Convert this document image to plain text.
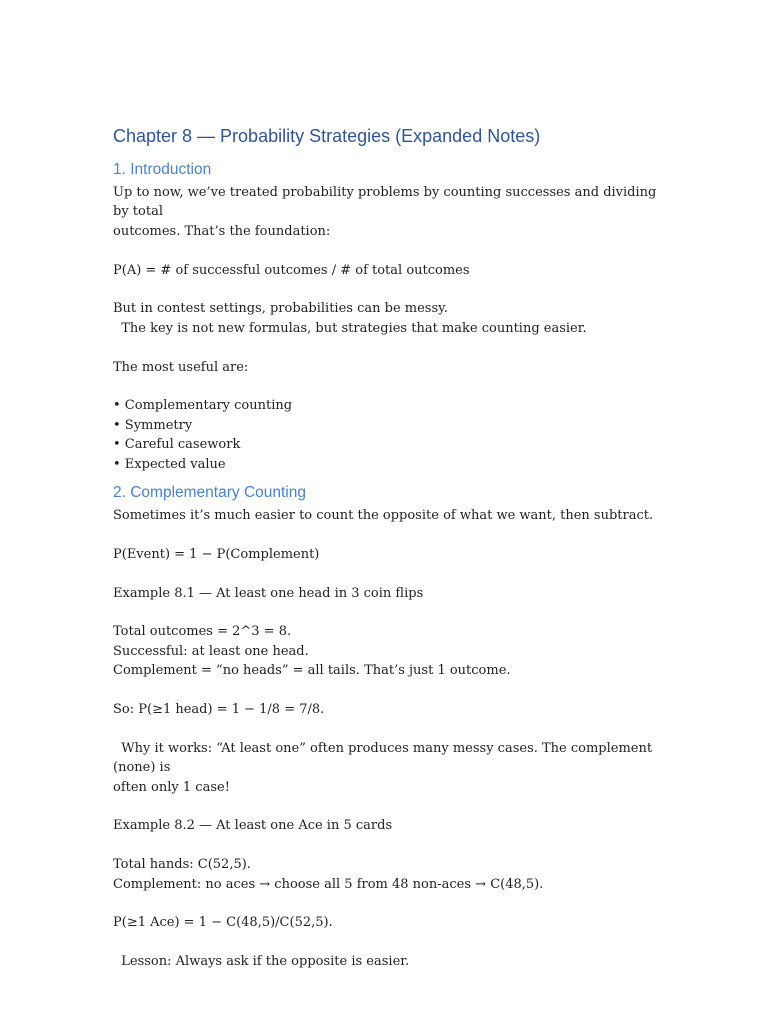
Chapter 8 — Probability Strategies (Expanded Notes)
1. Introduction
Up to now, we’ve treated probability problems by counting successes and dividing by total
outcomes. That’s the foundation:
P(A) = # of successful outcomes / # of total outcomes
But in contest settings, probabilities can be messy.
The key is not new formulas, but strategies that make counting easier.
The most useful are:
• Complementary counting
• Symmetry
• Careful casework
• Expected value
2. Complementary Counting
Sometimes it’s much easier to count the opposite of what we want, then subtract.
P(Event) = 1 − P(Complement)
Example 8.1 — At least one head in 3 coin flips
Total outcomes = 2^3 = 8.
Successful: at least one head.
Complement = “no heads” = all tails. That’s just 1 outcome.
So: P(≥1 head) = 1 − 1/8 = 7/8.
Why it works: “At least one” often produces many messy cases. The complement (none) is
often only 1 case!
Example 8.2 — At least one Ace in 5 cards
Total hands: C(52,5).
Complement: no aces → choose all 5 from 48 non-aces → C(48,5).
P(≥1 Ace) = 1 − C(48,5)/C(52,5).
Lesson: Always ask if the opposite is easier.
